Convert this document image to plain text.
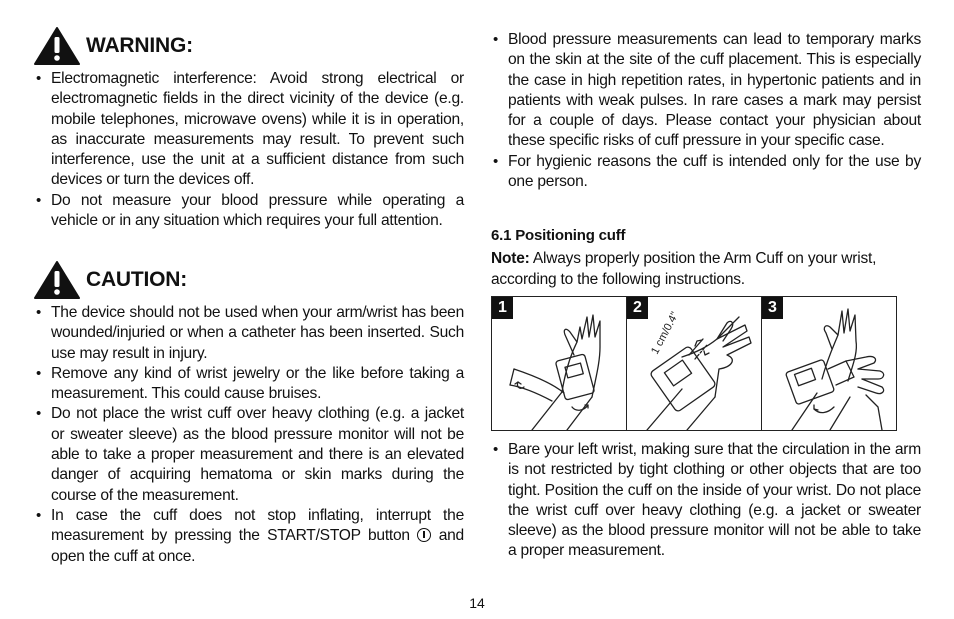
WARNING:
• Electromagnetic interference: Avoid strong electrical or electromagnetic fields in the direct vicinity of the device (e.g. mobile telephones, microwave ovens) while it is in operation, as inaccurate measurements may result. To prevent such interference, use the unit at a sufficient distance from such devices or turn the devices off.
• Do not measure your blood pressure while operating a vehicle or in any situation which requires your full attention.
CAUTION:
• The device should not be used when your arm/wrist has been wounded/injuried or when a catheter has been inserted. Such use may result in injury.
• Remove any kind of wrist jewelry or the like before taking a measurement. This could cause bruises.
• Do not place the wrist cuff over heavy clothing (e.g. a jacket or sweater sleeve) as the blood pressure monitor will not be able to take a proper measurement and there is an elevated danger of acquiring hematoma or skin marks during the course of the measurement.
• In case the cuff does not stop inflating, interrupt the measurement by pressing the START/STOP button  and open the cuff at once.
• Blood pressure measurements can lead to temporary marks on the skin at the site of the cuff placement. This is especially the case in high repetition rates, in hypertonic patients and in patients with weak pulses. In rare cases a mark may persist for a couple of days. Please contact your physician about these specific risks of cuff pressure in your specific case.
• For hygienic reasons the cuff is intended only for the use by one person.
6.1 Positioning cuff
Note: Always properly position the Arm Cuff on your wrist, according to the following instructions.
• Bare your left wrist, making sure that the circulation in the arm is not restricted by tight clothing or other objects that are too tight. Position the cuff on the inside of your wrist. Do not place the wrist cuff over heavy clothing (e.g. a jacket or sweater sleeve) as the blood pressure monitor will not be able to take a proper measurement.
1
1 cm/0.4"
2	3
14
